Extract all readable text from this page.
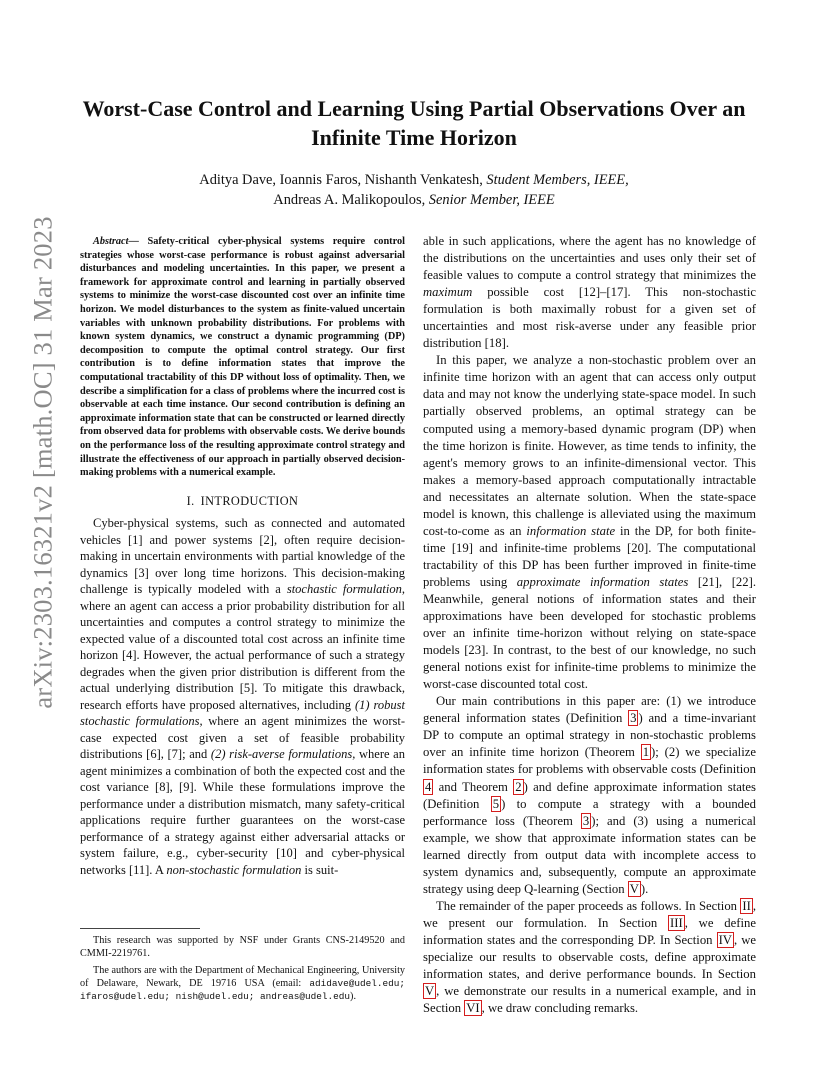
arXiv:2303.16321v2 [math.OC] 31 Mar 2023
Worst-Case Control and Learning Using Partial Observations Over an Infinite Time Horizon
Aditya Dave, Ioannis Faros, Nishanth Venkatesh, Student Members, IEEE,
Andreas A. Malikopoulos, Senior Member, IEEE

Abstract— Safety-critical cyber-physical systems require control strategies whose worst-case performance is robust against adversarial disturbances and modeling uncertainties. In this paper, we present a framework for approximate control and learning in partially observed systems to minimize the worst-case discounted cost over an infinite time horizon. We model disturbances to the system as finite-valued uncertain variables with unknown probability distributions. For problems with known system dynamics, we construct a dynamic programming (DP) decomposition to compute the optimal control strategy. Our first contribution is to define information states that improve the computational tractability of this DP without loss of optimality. Then, we describe a simplification for a class of problems where the incurred cost is observable at each time instance. Our second contribution is defining an approximate information state that can be constructed or learned directly from observed data for problems with observable costs. We derive bounds on the performance loss of the resulting approximate control strategy and illustrate the effectiveness of our approach in partially observed decision-making problems with a numerical example.

I. INTRODUCTION

Cyber-physical systems, such as connected and automated vehicles [1] and power systems [2], often require decision-making in uncertain environments with partial knowledge of the dynamics [3] over long time horizons. This decision-making challenge is typically modeled with a stochastic formulation, where an agent can access a prior probability distribution for all uncertainties and computes a control strategy to minimize the expected value of a discounted total cost across an infinite time horizon [4]. However, the actual performance of such a strategy degrades when the given prior distribution is different from the actual underlying distribution [5]. To mitigate this drawback, research efforts have proposed alternatives, including (1) robust stochastic formulations, where an agent minimizes the worst-case expected cost given a set of feasible probability distributions [6], [7]; and (2) risk-averse formulations, where an agent minimizes a combination of both the expected cost and the cost variance [8], [9]. While these formulations improve the performance under a distribution mismatch, many safety-critical applications require further guarantees on the worst-case performance of a strategy against either adversarial attacks or system failure, e.g., cyber-security [10] and cyber-physical networks [11]. A non-stochastic formulation is suit-

This research was supported by NSF under Grants CNS-2149520 and CMMI-2219761.

The authors are with the Department of Mechanical Engineering, University of Delaware, Newark, DE 19716 USA (email: adidave@udel.edu; ifaros@udel.edu; nish@udel.edu; andreas@udel.edu).

able in such applications, where the agent has no knowledge of the distributions on the uncertainties and uses only their set of feasible values to compute a control strategy that minimizes the maximum possible cost [12]–[17]. This non-stochastic formulation is both maximally robust for a given set of uncertainties and most risk-averse under any feasible prior distribution [18].

In this paper, we analyze a non-stochastic problem over an infinite time horizon with an agent that can access only output data and may not know the underlying state-space model. In such partially observed problems, an optimal strategy can be computed using a memory-based dynamic program (DP) when the time horizon is finite. However, as time tends to infinity, the agent's memory grows to an infinite-dimensional vector. This makes a memory-based approach computationally intractable and necessitates an alternate solution. When the state-space model is known, this challenge is alleviated using the maximum cost-to-come as an information state in the DP, for both finite-time [19] and infinite-time problems [20]. The computational tractability of this DP has been further improved in finite-time problems using approximate information states [21], [22]. Meanwhile, general notions of information states and their approximations have been developed for stochastic problems over an infinite time-horizon without relying on state-space models [23]. In contrast, to the best of our knowledge, no such general notions exist for infinite-time problems to minimize the worst-case discounted total cost.

Our main contributions in this paper are: (1) we introduce general information states (Definition 3 ) and a time-invariant DP to compute an optimal strategy in non-stochastic problems over an infinite time horizon (Theorem 1 ); (2) we specialize information states for problems with observable costs (Definition 4 and Theorem 2 ) and define approximate information states (Definition 5 ) to compute a strategy with a bounded performance loss (Theorem 3 ); and (3) using a numerical example, we show that approximate information states can be learned directly from output data with incomplete access to system dynamics and, subsequently, compute an approximate strategy using deep Q-learning (Section V ).

The remainder of the paper proceeds as follows. In Section II , we present our formulation. In Section III , we define information states and the corresponding DP. In Section IV , we specialize our results to observable costs, define approximate information states, and derive performance bounds. In Section V , we demonstrate our results in a numerical example, and in Section VI , we draw concluding remarks.
